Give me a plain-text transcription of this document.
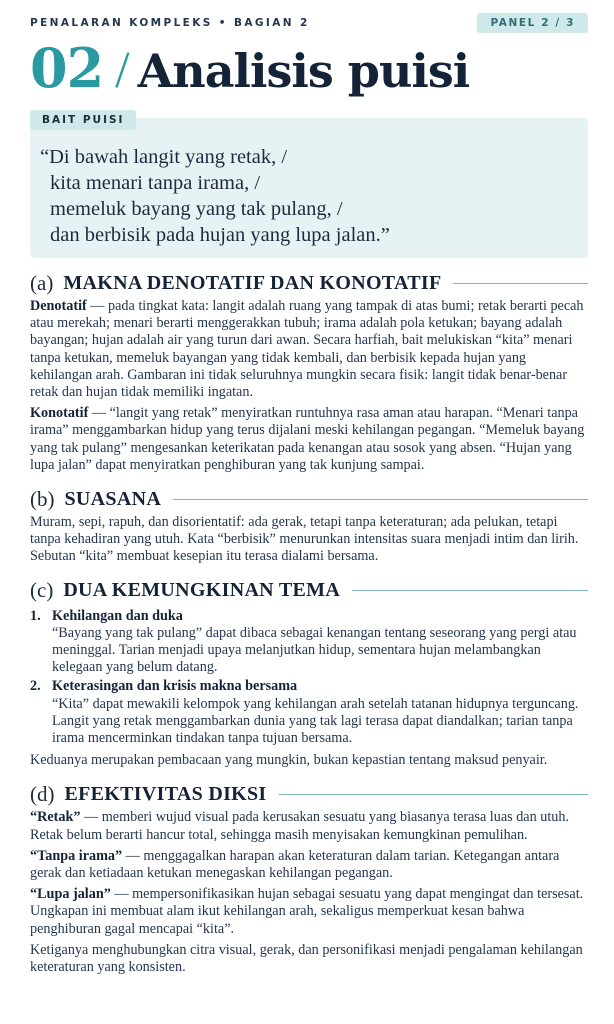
PENALARAN KOMPLEKS • BAGIAN 2	PANEL 2 / 3
02 / Analisis puisi
BAIT PUISI
“Di bawah langit yang retak, /
kita menari tanpa irama, /
memeluk bayang yang tak pulang, /
dan berbisik pada hujan yang lupa jalan.”
(a) MAKNA DENOTATIF DAN KONOTATIF

Denotatif — pada tingkat kata: langit adalah ruang yang tampak di atas bumi; retak berarti pecah atau merekah; menari berarti menggerakkan tubuh; irama adalah pola ketukan; bayang adalah bayangan; hujan adalah air yang turun dari awan. Secara harfiah, bait melukiskan “kita” menari tanpa ketukan, memeluk bayangan yang tidak kembali, dan berbisik kepada hujan yang kehilangan arah. Gambaran ini tidak seluruhnya mungkin secara fisik: langit tidak benar-benar retak dan hujan tidak memiliki ingatan.

Konotatif — “langit yang retak” menyiratkan runtuhnya rasa aman atau harapan. “Menari tanpa irama” menggambarkan hidup yang terus dijalani meski kehilangan pegangan. “Memeluk bayang yang tak pulang” mengesankan keterikatan pada kenangan atau sosok yang absen. “Hujan yang lupa jalan” dapat menyiratkan penghiburan yang tak kunjung sampai.

(b) SUASANA

Muram, sepi, rapuh, dan disorientatif: ada gerak, tetapi tanpa keteraturan; ada pelukan, tetapi tanpa kehadiran yang utuh. Kata “berbisik” menurunkan intensitas suara menjadi intim dan lirih. Sebutan “kita” membuat kesepian itu terasa dialami bersama.

(c) DUA KEMUNGKINAN TEMA
1. Kehilangan dan duka
“Bayang yang tak pulang” dapat dibaca sebagai kenangan tentang seseorang yang pergi atau meninggal. Tarian menjadi upaya melanjutkan hidup, sementara hujan melambangkan kelegaan yang belum datang.
2. Keterasingan dan krisis makna bersama
“Kita” dapat mewakili kelompok yang kehilangan arah setelah tatanan hidupnya terguncang. Langit yang retak menggambarkan dunia yang tak lagi terasa dapat diandalkan; tarian tanpa irama mencerminkan tindakan tanpa tujuan bersama.

Keduanya merupakan pembacaan yang mungkin, bukan kepastian tentang maksud penyair.

(d) EFEKTIVITAS DIKSI

“Retak” — memberi wujud visual pada kerusakan sesuatu yang biasanya terasa luas dan utuh. Retak belum berarti hancur total, sehingga masih menyisakan kemungkinan pemulihan.

“Tanpa irama” — menggagalkan harapan akan keteraturan dalam tarian. Ketegangan antara gerak dan ketiadaan ketukan menegaskan kehilangan pegangan.

“Lupa jalan” — mempersonifikasikan hujan sebagai sesuatu yang dapat mengingat dan tersesat. Ungkapan ini membuat alam ikut kehilangan arah, sekaligus memperkuat kesan bahwa penghiburan gagal mencapai “kita”.

Ketiganya menghubungkan citra visual, gerak, dan personifikasi menjadi pengalaman kehilangan keteraturan yang konsisten.
